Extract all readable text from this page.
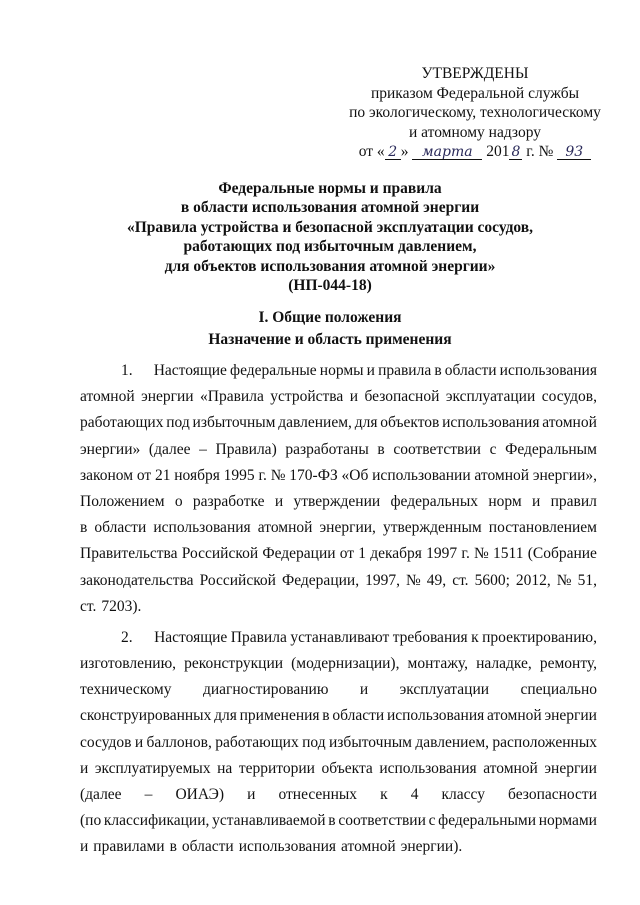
УТВЕРЖДЕНЫ
приказом Федеральной службы
по экологическому, технологическому
и атомному надзору
от « 2 » марта 201 8 г. № 93
Федеральные нормы и правила
в области использования атомной энергии
«Правила устройства и безопасной эксплуатации сосудов,
работающих под избыточным давлением,
для объектов использования атомной энергии»
(НП-044-18)
I. Общие положения
Назначение и область применения
1. Настоящие федеральные нормы и правила в области использования
атомной энергии «Правила устройства и безопасной эксплуатации сосудов,
работающих под избыточным давлением, для объектов использования атомной
энергии» (далее – Правила) разработаны в соответствии с Федеральным
законом от 21 ноября 1995 г. № 170-ФЗ «Об использовании атомной энергии»,
Положением о разработке и утверждении федеральных норм и правил
в области использования атомной энергии, утвержденным постановлением
Правительства Российской Федерации от 1 декабря 1997 г. № 1511 (Собрание
законодательства Российской Федерации, 1997, № 49, ст. 5600; 2012, № 51,
ст. 7203).
2. Настоящие Правила устанавливают требования к проектированию,
изготовлению, реконструкции (модернизации), монтажу, наладке, ремонту,
техническому диагностированию и эксплуатации специально
сконструированных для применения в области использования атомной энергии
сосудов и баллонов, работающих под избыточным давлением, расположенных
и эксплуатируемых на территории объекта использования атомной энергии
(далее – ОИАЭ) и отнесенных к 4 классу безопасности
(по классификации, устанавливаемой в соответствии с федеральными нормами
и правилами в области использования атомной энергии).
